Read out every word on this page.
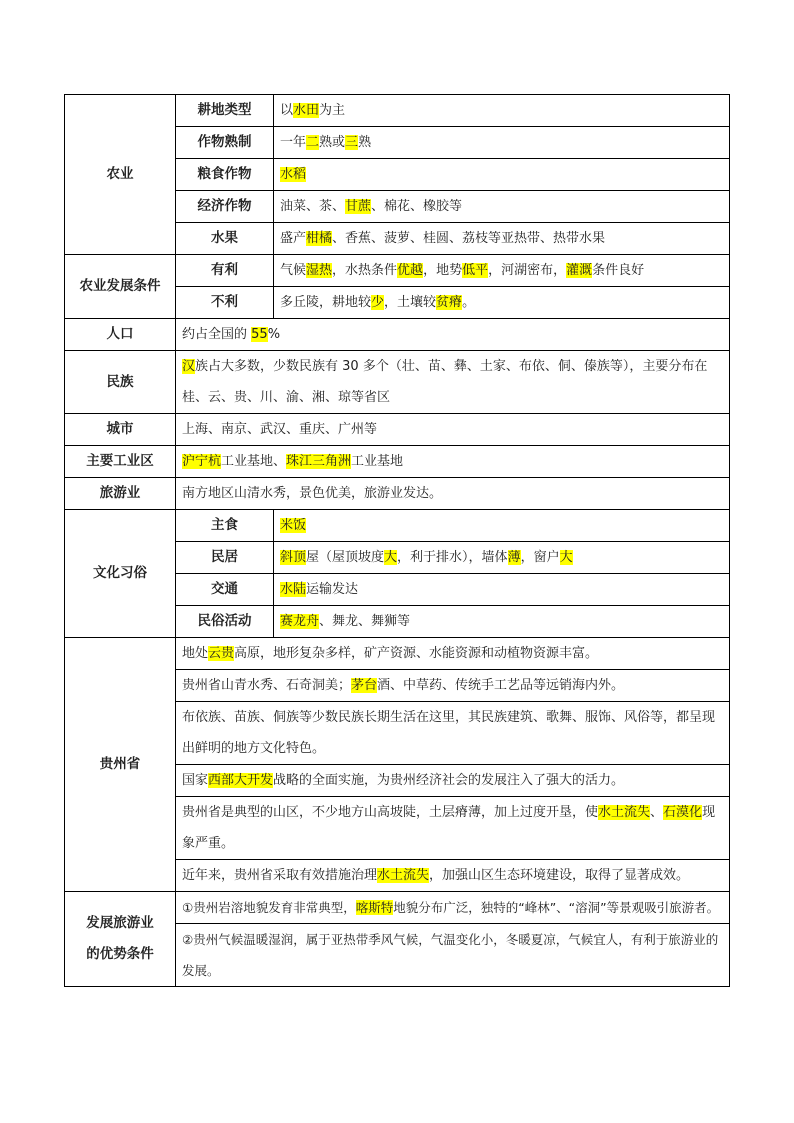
农业	耕地类型	以水田为主
	作物熟制	一年二熟或三熟
	粮食作物	水稻
	经济作物	油菜、茶、甘蔗、棉花、橡胶等
	水果	盛产柑橘、香蕉、菠萝、桂圆、荔枝等亚热带、热带水果
农业发展条件	有利	气候湿热，水热条件优越，地势低平，河湖密布，灌溉条件良好
	不利	多丘陵，耕地较少，土壤较贫瘠。
人口	约占全国的 55%	
民族	汉族占大多数，少数民族有 30 多个（壮、苗、彝、土家、布依、侗、傣族等），主要分布在桂、云、贵、川、渝、湘、琼等省区	
城市	上海、南京、武汉、重庆、广州等	
主要工业区	沪宁杭工业基地、珠江三角洲工业基地	
旅游业	南方地区山清水秀，景色优美，旅游业发达。	
文化习俗	主食	米饭
	民居	斜顶屋（屋顶坡度大，利于排水），墙体薄，窗户大
	交通	水陆运输发达
	民俗活动	赛龙舟、舞龙、舞狮等
贵州省	地处云贵高原，地形复杂多样，矿产资源、水能资源和动植物资源丰富。	
	贵州省山青水秀、石奇洞美；茅台酒、中草药、传统手工艺品等远销海内外。	
	布依族、苗族、侗族等少数民族长期生活在这里，其民族建筑、歌舞、服饰、风俗等，都呈现出鲜明的地方文化特色。	
	国家西部大开发战略的全面实施，为贵州经济社会的发展注入了强大的活力。	
	贵州省是典型的山区，不少地方山高坡陡，土层瘠薄，加上过度开垦，使水土流失、石漠化现象严重。	
	近年来，贵州省采取有效措施治理水土流失，加强山区生态环境建设，取得了显著成效。	

发展旅游业
的优势条件	①贵州岩溶地貌发育非常典型，喀斯特地貌分布广泛，独特的“峰林”、“溶洞”等景观吸引旅游者。	
	②贵州气候温暖湿润，属于亚热带季风气候，气温变化小，冬暖夏凉，气候宜人，有利于旅游业的发展。	
